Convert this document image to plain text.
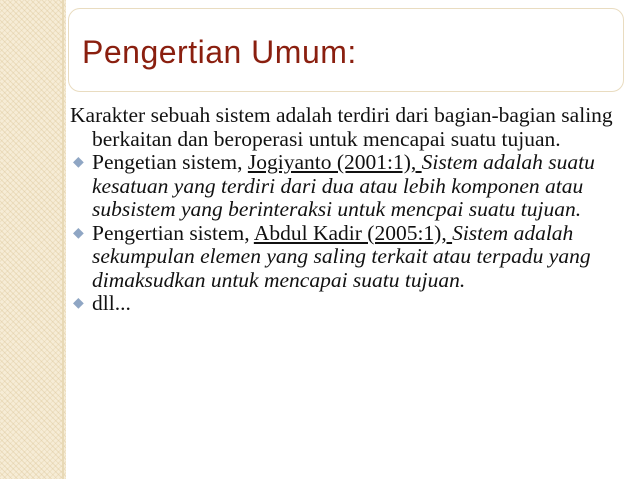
Pengertian Umum:

Karakter sebuah sistem adalah terdiri dari bagian-bagian saling berkaitan dan beroperasi untuk mencapai suatu tujuan.

◆ Pengetian sistem, Jogiyanto (2001:1), Sistem adalah suatu kesatuan yang terdiri dari dua atau lebih komponen atau subsistem yang berinteraksi untuk mencpai suatu tujuan.
◆ Pengertian sistem, Abdul Kadir (2005:1), Sistem adalah sekumpulan elemen yang saling terkait atau terpadu yang dimaksudkan untuk mencapai suatu tujuan.
◆ dll...
